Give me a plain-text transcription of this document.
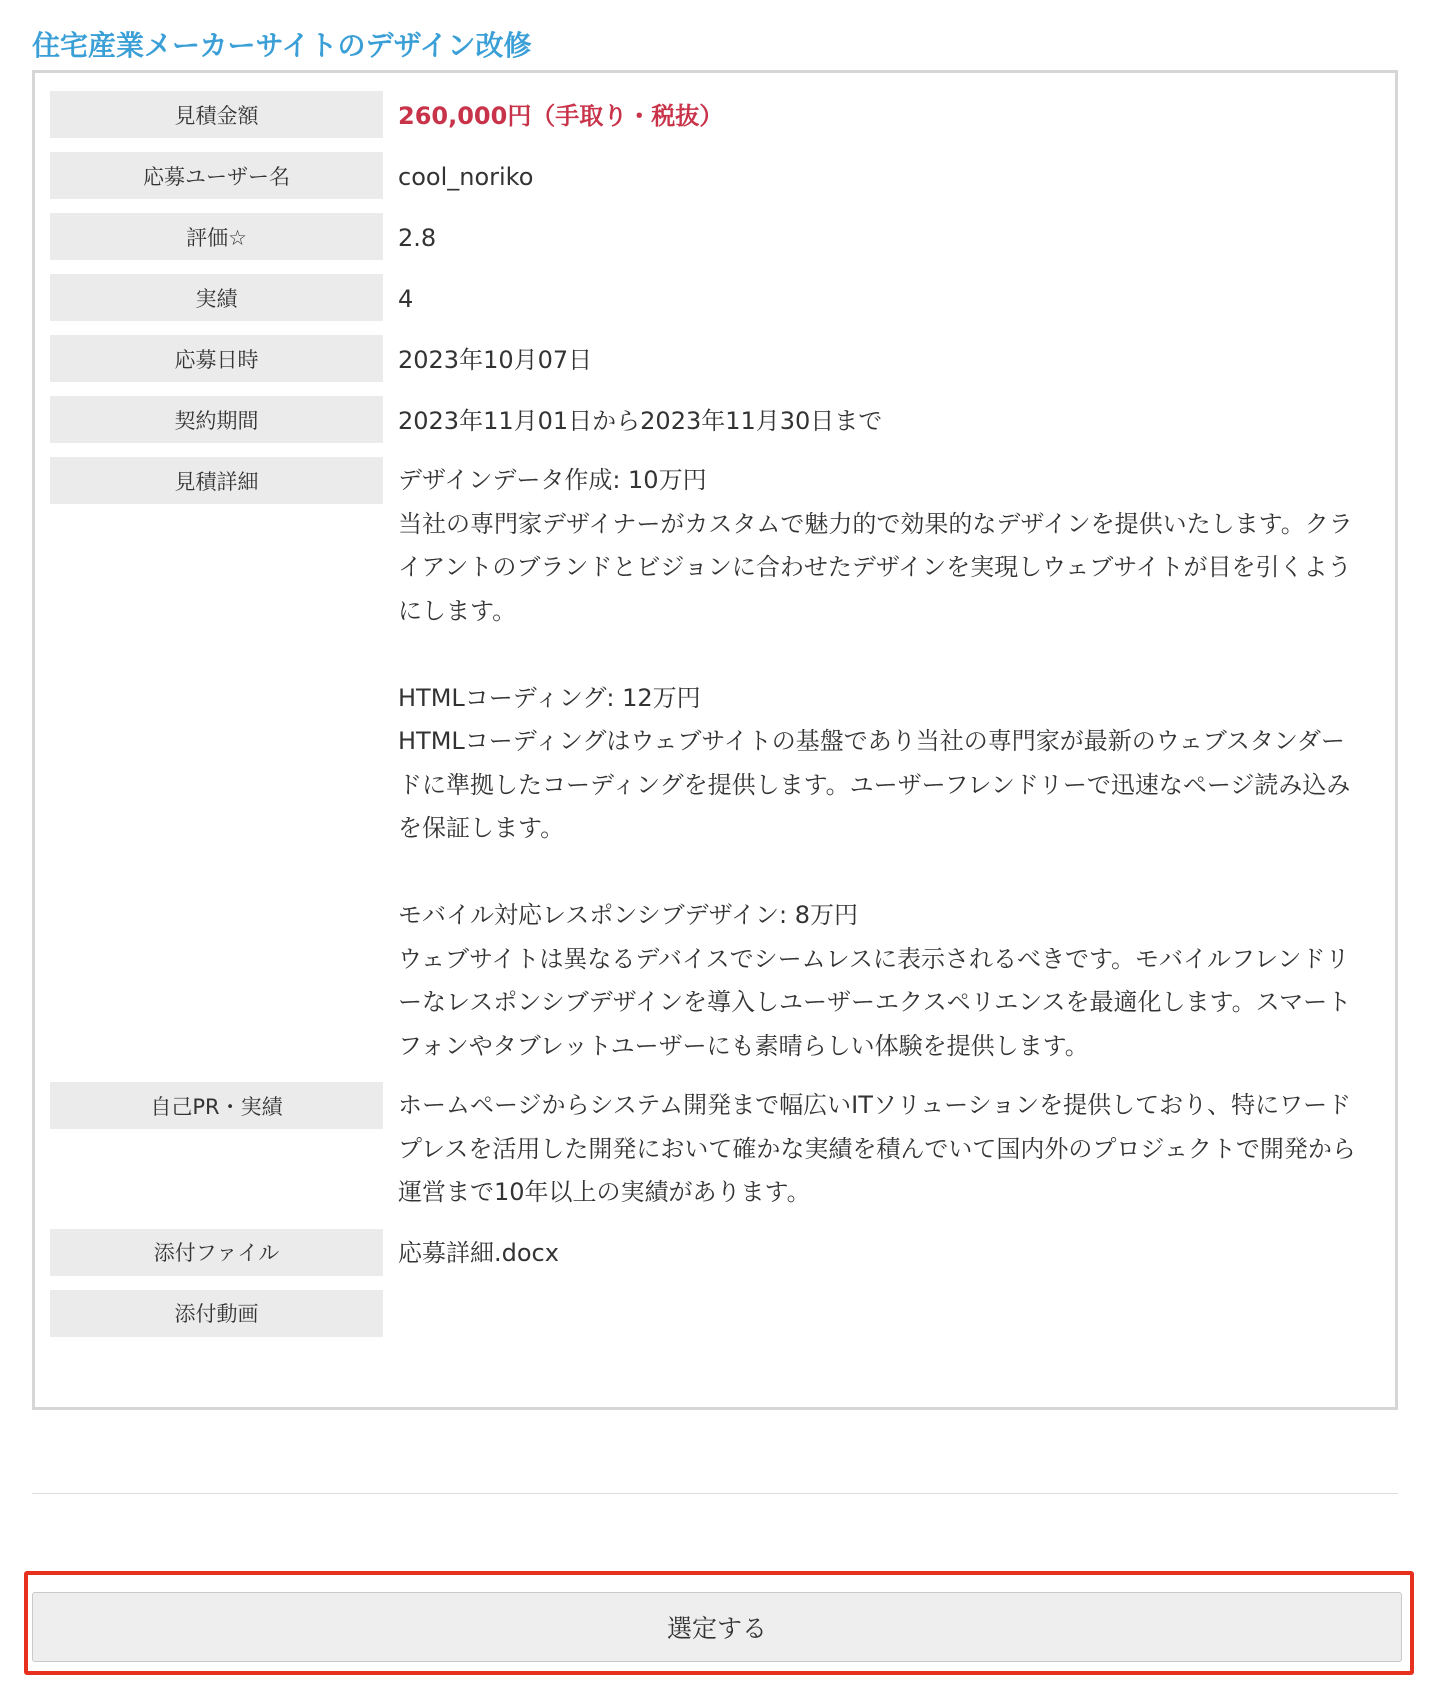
住宅産業メーカーサイトのデザイン改修
見積金額	260,000円（手取り・税抜）
応募ユーザー名	cool_noriko
評価☆	2.8
実績	4
応募日時	2023年10月07日
契約期間	2023年11月01日から2023年11月30日まで
見積詳細	デザインデータ作成: 10万円
当社の専門家デザイナーがカスタムで魅力的で効果的なデザインを提供いたします。クライアントのブランドとビジョンに合わせたデザインを実現しウェブサイトが目を引くようにします。

HTMLコーディング: 12万円
HTMLコーディングはウェブサイトの基盤であり当社の専門家が最新のウェブスタンダードに準拠したコーディングを提供します。ユーザーフレンドリーで迅速なページ読み込みを保証します。

モバイル対応レスポンシブデザイン: 8万円
ウェブサイトは異なるデバイスでシームレスに表示されるべきです。モバイルフレンドリーなレスポンシブデザインを導入しユーザーエクスペリエンスを最適化します。スマートフォンやタブレットユーザーにも素晴らしい体験を提供します。

自己PR・実績	ホームページからシステム開発まで幅広いITソリューションを提供しており、特にワードプレスを活用した開発において確かな実績を積んでいて国内外のプロジェクトで開発から運営まで10年以上の実績があります。

添付ファイル	応募詳細.docx
添付動画
選定する
